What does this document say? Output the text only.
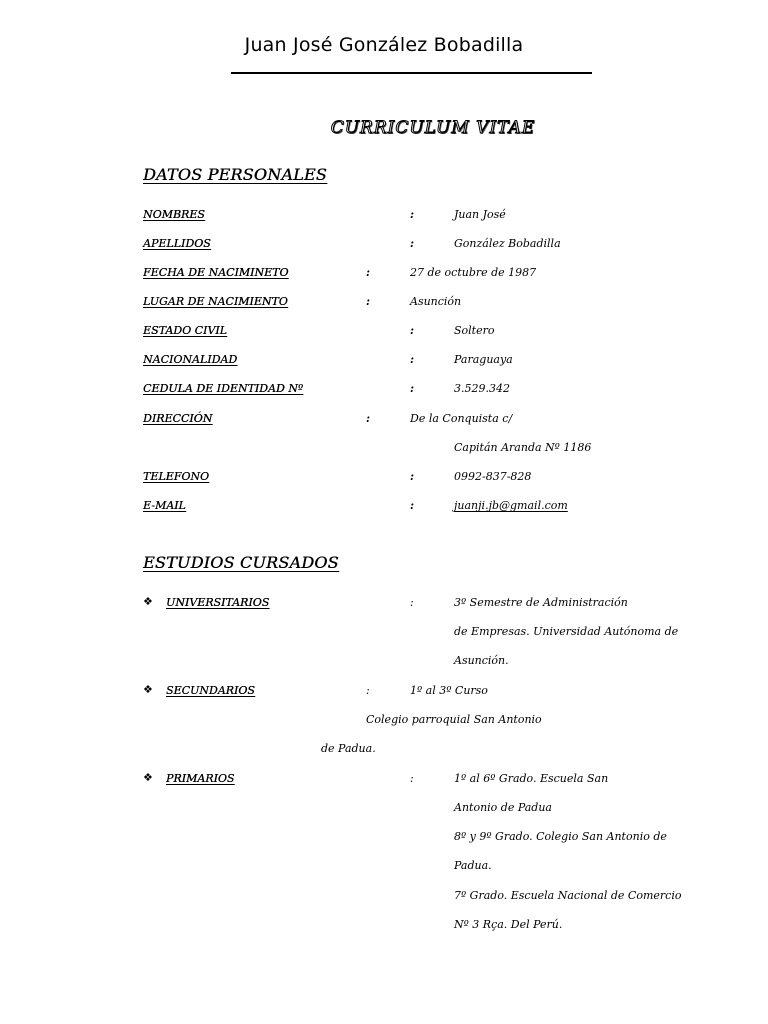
Juan José González Bobadilla
CURRICULUM VITAE
DATOS PERSONALES
NOMBRES	:	Juan José
APELLIDOS	:	González Bobadilla
FECHA DE NACIMINETO	:	27 de octubre de 1987
LUGAR DE NACIMIENTO	:	Asunción
ESTADO CIVIL	:	Soltero
NACIONALIDAD	:	Paraguaya
CEDULA DE IDENTIDAD Nº	:	3.529.342
DIRECCIÓN	:	De la Conquista c/
Capitán Aranda Nº 1186
TELEFONO	:	0992-837-828
E-MAIL	:	juanji.jb@gmail.com
ESTUDIOS CURSADOS
❖ UNIVERSITARIOS	:	3º Semestre de Administración
de Empresas. Universidad Autónoma de
Asunción.
❖ SECUNDARIOS	:	1º al 3º Curso
Colegio parroquial San Antonio
de Padua.
❖ PRIMARIOS	:	1º al 6º Grado. Escuela San
Antonio de Padua
8º y 9º Grado. Colegio San Antonio de
Padua.
7º Grado. Escuela Nacional de Comercio
Nº 3 Rça. Del Perú.
